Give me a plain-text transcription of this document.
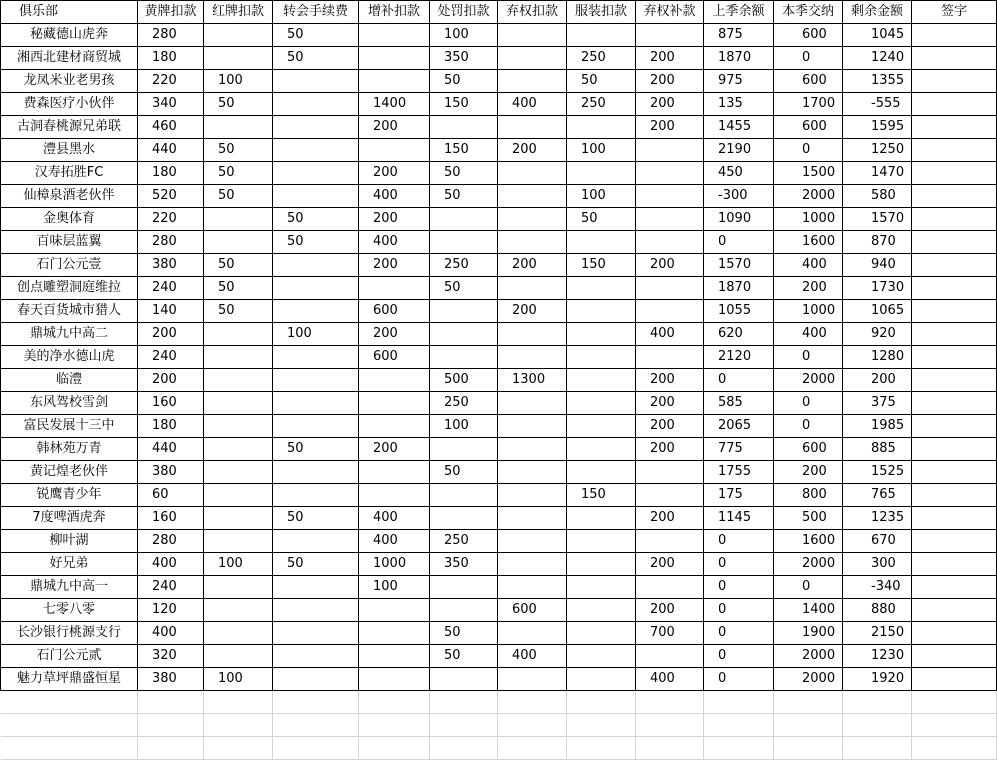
俱乐部	黄牌扣款	红牌扣款	转会手续费	增补扣款	处罚扣款	弃权扣款	服装扣款	弃权补款	上季余额	本季交纳	剩余金额	签字
秘藏德山虎奔	280		50		100				875	600	1045	
湘西北建材商贸城	180		50		350		250	200	1870	0	1240	
龙凤米业老男孩	220	100			50		50	200	975	600	1355	
费森医疗小伙伴	340	50		1400	150	400	250	200	135	1700	-555	
古洞春桃源兄弟联	460			200				200	1455	600	1595	
澧县黑水	440	50			150	200	100		2190	0	1250	
汉寿拓胜FC	180	50		200	50				450	1500	1470	
仙樟泉酒老伙伴	520	50		400	50		100		-300	2000	580	
金奥体育	220		50	200			50		1090	1000	1570	
百味层蓝翼	280		50	400					0	1600	870	
石门公元壹	380	50		200	250	200	150	200	1570	400	940	
创点雕塑洞庭维拉	240	50			50				1870	200	1730	
春天百货城市猎人	140	50		600		200			1055	1000	1065	
鼎城九中高二	200		100	200				400	620	400	920	
美的净水德山虎	240			600					2120	0	1280	
临澧	200				500	1300		200	0	2000	200	
东风驾校雪剑	160				250			200	585	0	375	
富民发展十三中	180				100			200	2065	0	1985	
韩林苑万青	440		50	200				200	775	600	885	
黄记煌老伙伴	380				50				1755	200	1525	
锐鹰青少年	60						150		175	800	765	
7度啤酒虎奔	160		50	400				200	1145	500	1235	
柳叶湖	280			400	250				0	1600	670	
好兄弟	400	100	50	1000	350			200	0	2000	300	
鼎城九中高一	240			100					0	0	-340	
七零八零	120					600		200	0	1400	880	
长沙银行桃源支行	400				50			700	0	1900	2150	
石门公元贰	320				50	400			0	2000	1230	
魅力草坪鼎盛恒星	380	100						400	0	2000	1920	
